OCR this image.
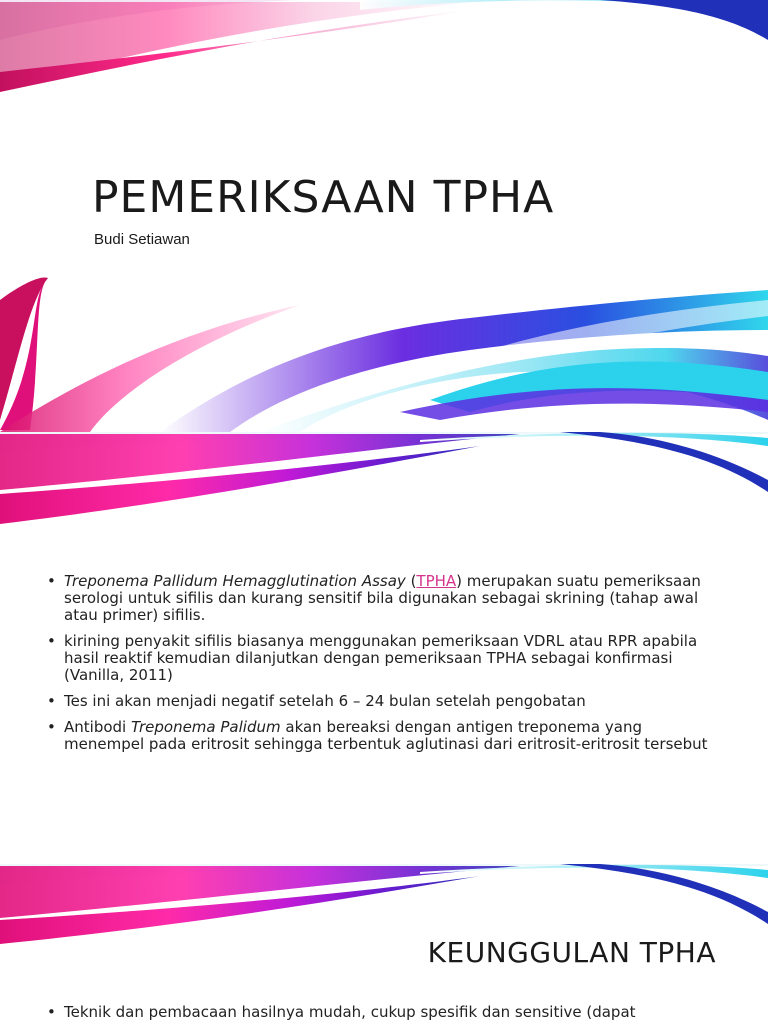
PEMERIKSAAN TPHA
Budi Setiawan
• Treponema Pallidum Hemagglutination Assay (TPHA) merupakan suatu pemeriksaan serologi untuk sifilis dan kurang sensitif bila digunakan sebagai skrining (tahap awal atau primer) sifilis.
• kirining penyakit sifilis biasanya menggunakan pemeriksaan VDRL atau RPR apabila hasil reaktif kemudian dilanjutkan dengan pemeriksaan TPHA sebagai konfirmasi (Vanilla, 2011)
• Tes ini akan menjadi negatif setelah 6 – 24 bulan setelah pengobatan
• Antibodi Treponema Palidum akan bereaksi dengan antigen treponema yang menempel pada eritrosit sehingga terbentuk aglutinasi dari eritrosit-eritrosit tersebut
KEUNGGULAN TPHA
• Teknik dan pembacaan hasilnya mudah, cukup spesifik dan sensitive (dapat
